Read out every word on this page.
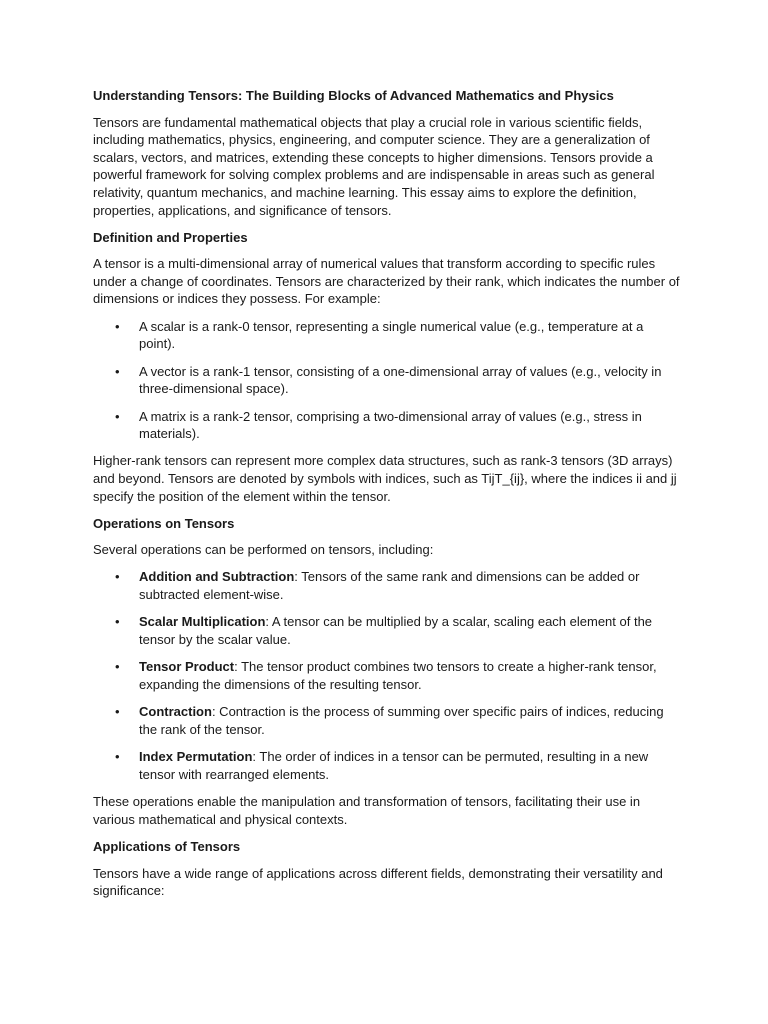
Understanding Tensors: The Building Blocks of Advanced Mathematics and Physics

Tensors are fundamental mathematical objects that play a crucial role in various scientific fields, including mathematics, physics, engineering, and computer science. They are a generalization of scalars, vectors, and matrices, extending these concepts to higher dimensions. Tensors provide a powerful framework for solving complex problems and are indispensable in areas such as general relativity, quantum mechanics, and machine learning. This essay aims to explore the definition, properties, applications, and significance of tensors.

Definition and Properties

A tensor is a multi-dimensional array of numerical values that transform according to specific rules under a change of coordinates. Tensors are characterized by their rank, which indicates the number of dimensions or indices they possess. For example:

• A scalar is a rank-0 tensor, representing a single numerical value (e.g., temperature at a point).
• A vector is a rank-1 tensor, consisting of a one-dimensional array of values (e.g., velocity in three-dimensional space).
• A matrix is a rank-2 tensor, comprising a two-dimensional array of values (e.g., stress in materials).

Higher-rank tensors can represent more complex data structures, such as rank-3 tensors (3D arrays) and beyond. Tensors are denoted by symbols with indices, such as TijT_{ij}, where the indices ii and jj specify the position of the element within the tensor.

Operations on Tensors

Several operations can be performed on tensors, including:

• Addition and Subtraction: Tensors of the same rank and dimensions can be added or subtracted element-wise.
• Scalar Multiplication: A tensor can be multiplied by a scalar, scaling each element of the tensor by the scalar value.
• Tensor Product: The tensor product combines two tensors to create a higher-rank tensor, expanding the dimensions of the resulting tensor.
• Contraction: Contraction is the process of summing over specific pairs of indices, reducing the rank of the tensor.
• Index Permutation: The order of indices in a tensor can be permuted, resulting in a new tensor with rearranged elements.

These operations enable the manipulation and transformation of tensors, facilitating their use in various mathematical and physical contexts.

Applications of Tensors

Tensors have a wide range of applications across different fields, demonstrating their versatility and significance:
